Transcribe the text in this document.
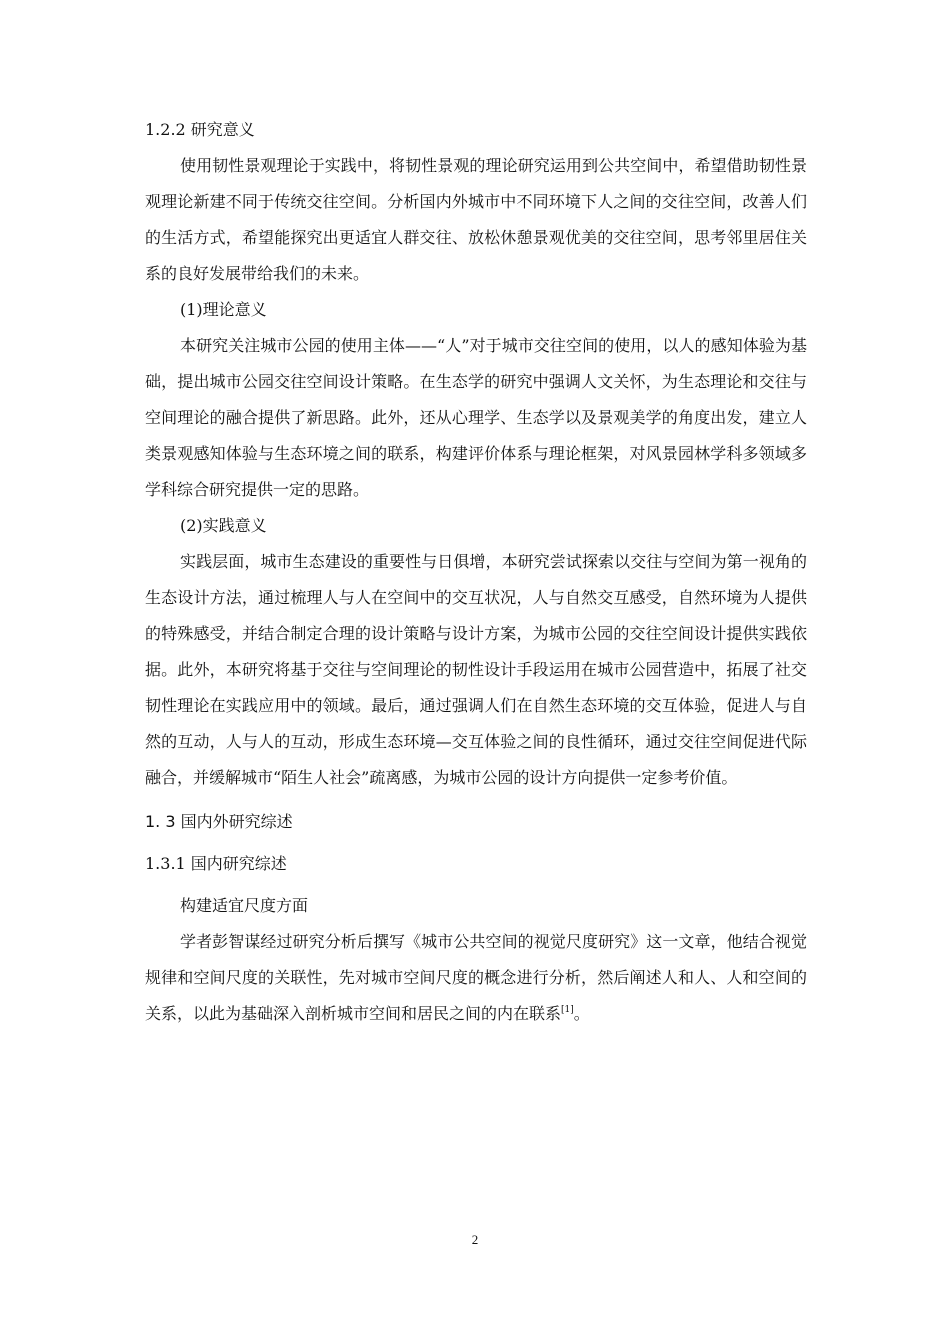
1.2.2 研究意义

使用韧性景观理论于实践中，将韧性景观的理论研究运用到公共空间中，希望借助韧性景观理论新建不同于传统交往空间。分析国内外城市中不同环境下人之间的交往空间，改善人们的生活方式，希望能探究出更适宜人群交往、放松休憩景观优美的交往空间，思考邻里居住关系的良好发展带给我们的未来。

(1)理论意义

本研究关注城市公园的使用主体——“人”对于城市交往空间的使用，以人的感知体验为基础，提出城市公园交往空间设计策略。在生态学的研究中强调人文关怀，为生态理论和交往与空间理论的融合提供了新思路。此外，还从心理学、生态学以及景观美学的角度出发，建立人类景观感知体验与生态环境之间的联系，构建评价体系与理论框架，对风景园林学科多领域多学科综合研究提供一定的思路。

(2)实践意义

实践层面，城市生态建设的重要性与日俱增，本研究尝试探索以交往与空间为第一视角的生态设计方法，通过梳理人与人在空间中的交互状况，人与自然交互感受，自然环境为人提供的特殊感受，并结合制定合理的设计策略与设计方案，为城市公园的交往空间设计提供实践依据。此外，本研究将基于交往与空间理论的韧性设计手段运用在城市公园营造中，拓展了社交韧性理论在实践应用中的领域。最后，通过强调人们在自然生态环境的交互体验，促进人与自然的互动，人与人的互动，形成生态环境—交互体验之间的良性循环，通过交往空间促进代际融合，并缓解城市“陌生人社会”疏离感，为城市公园的设计方向提供一定参考价值。

1. 3 国内外研究综述
1.3.1 国内研究综述
构建适宜尺度方面

学者彭智谋经过研究分析后撰写《城市公共空间的视觉尺度研究》这一文章，他结合视觉规律和空间尺度的关联性，先对城市空间尺度的概念进行分析，然后阐述人和人、人和空间的关系，以此为基础深入剖析城市空间和居民之间的内在联系[1]。

2
